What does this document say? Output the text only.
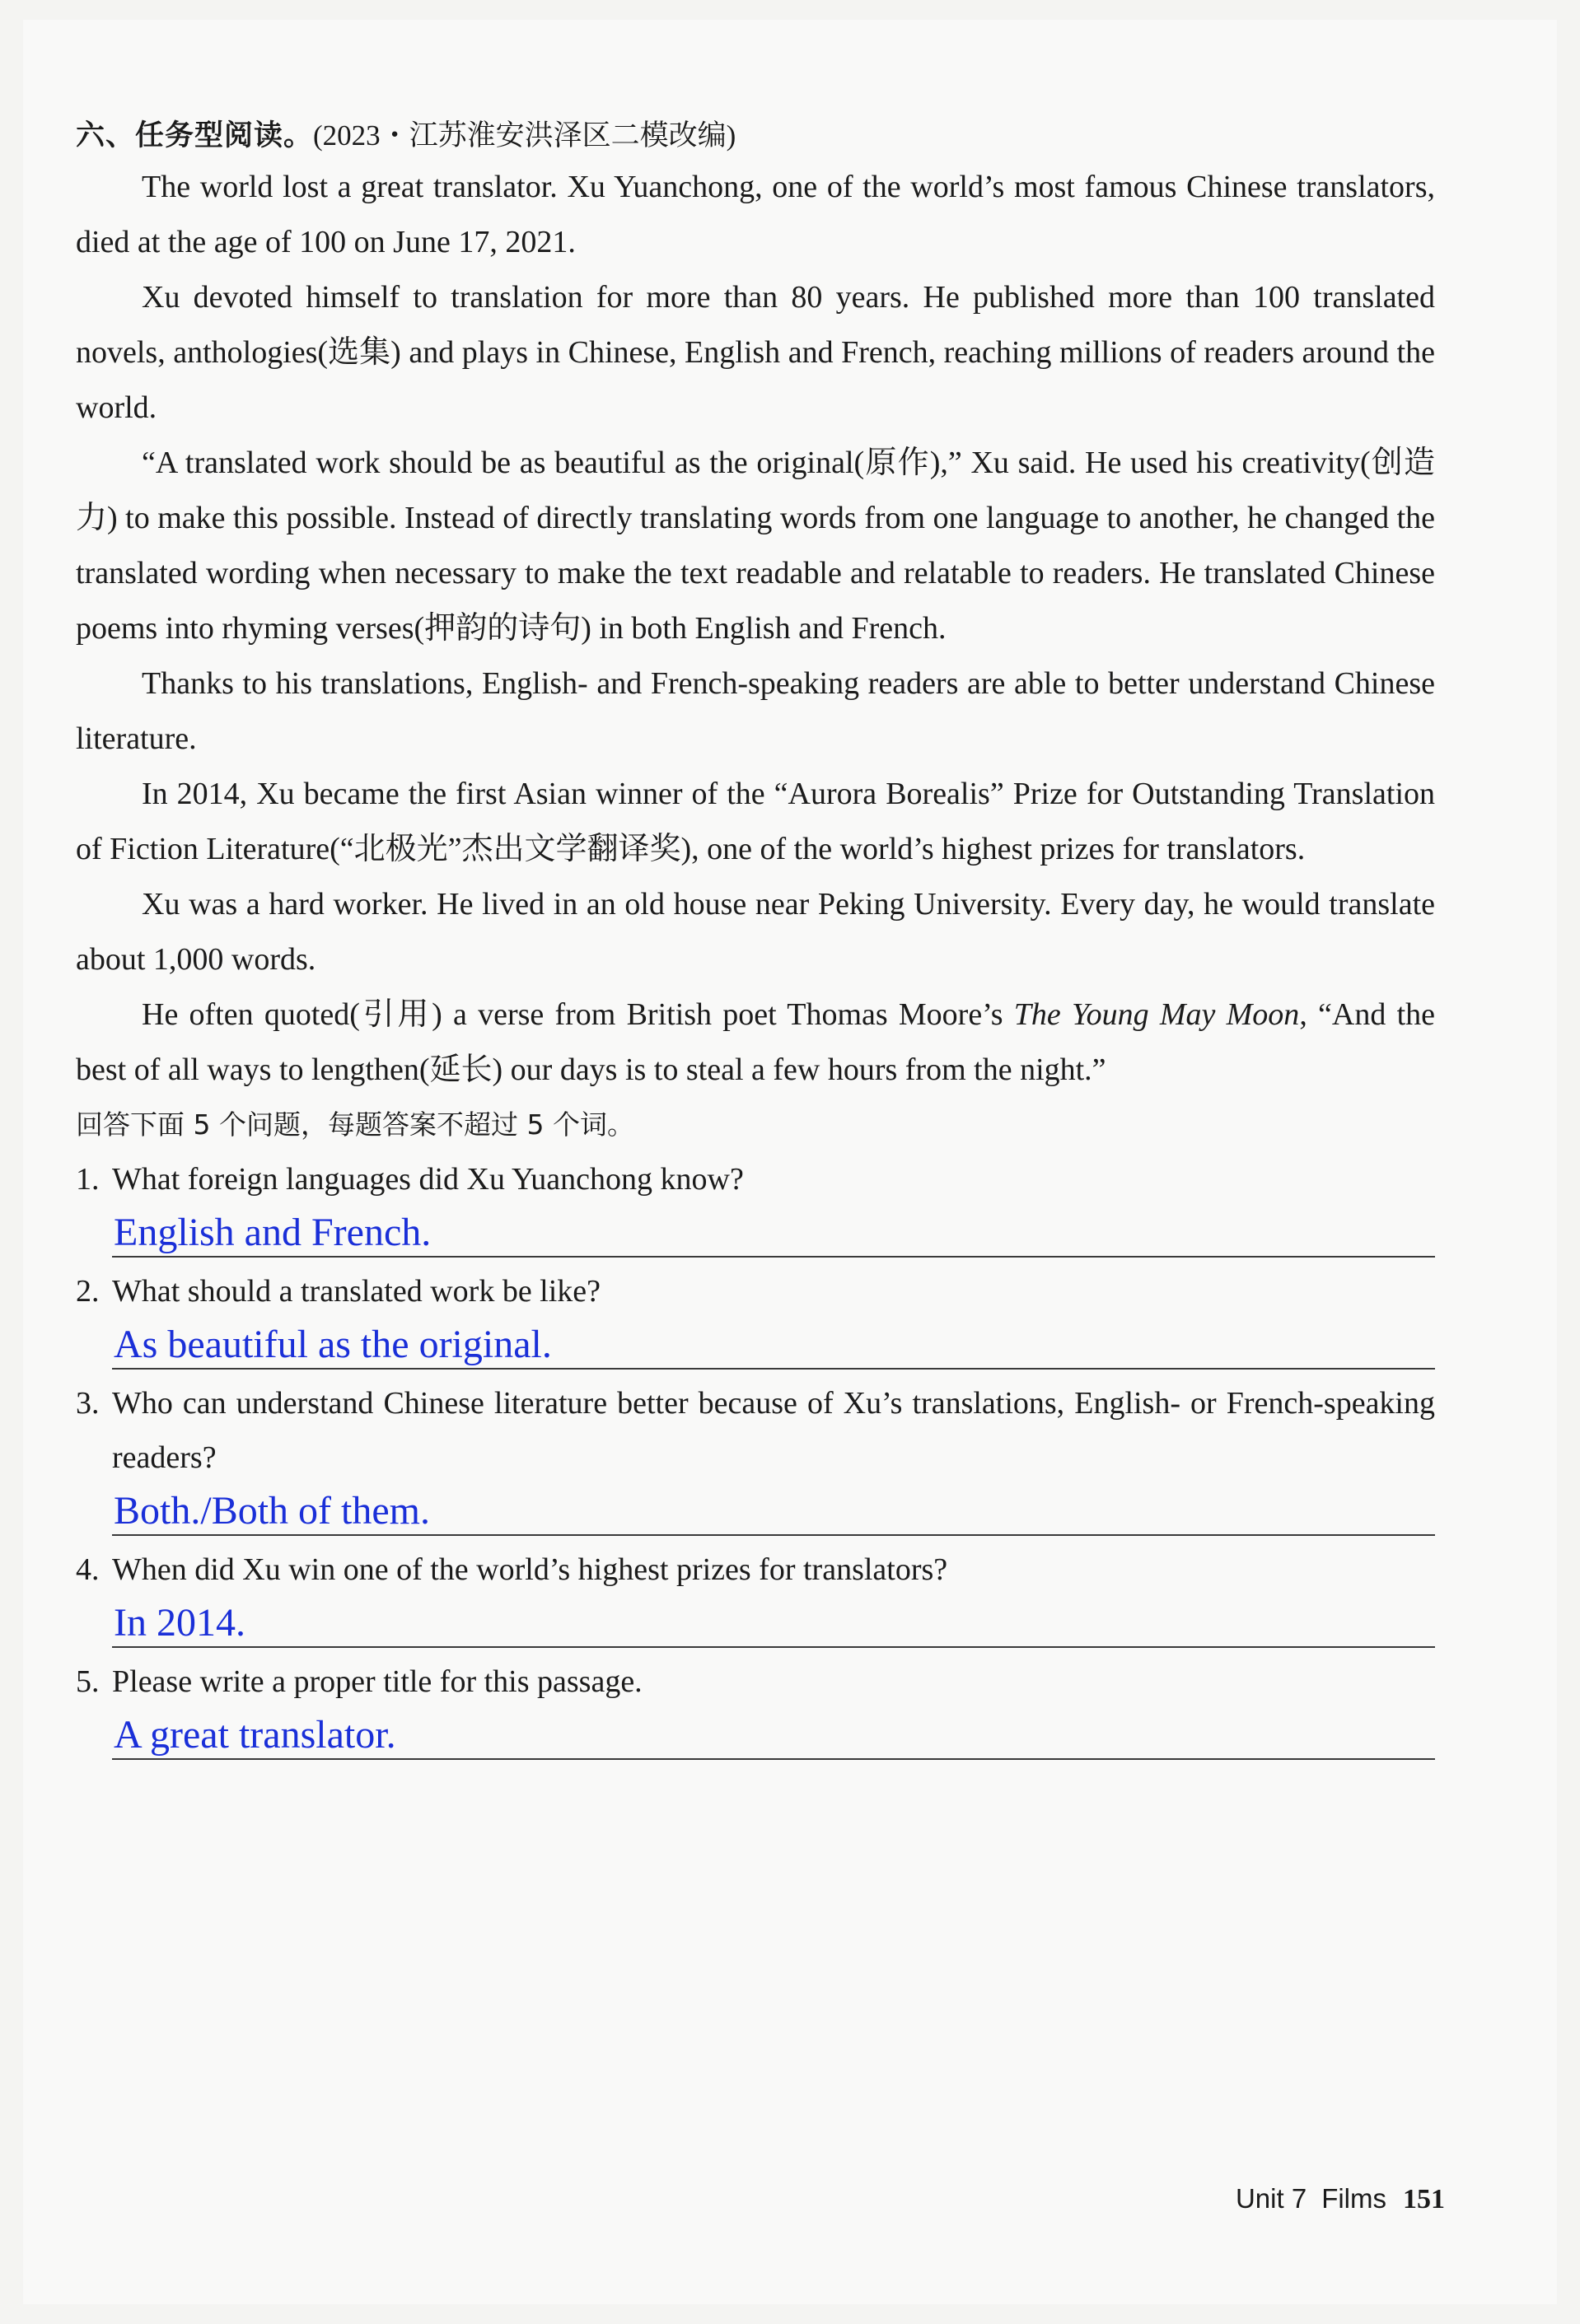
六、任务型阅读。(2023・江苏淮安洪泽区二模改编)

The world lost a great translator. Xu Yuanchong, one of the world’s most famous Chinese translators, died at the age of 100 on June 17, 2021.

Xu devoted himself to translation for more than 80 years. He published more than 100 translated novels, anthologies(选集) and plays in Chinese, English and French, reaching millions of readers around the world.

“A translated work should be as beautiful as the original(原作),” Xu said. He used his creativity(创造力) to make this possible. Instead of directly translating words from one language to another, he changed the translated wording when necessary to make the text readable and relatable to readers. He translated Chinese poems into rhyming verses(押韵的诗句) in both English and French.

Thanks to his translations, English- and French-speaking readers are able to better understand Chinese literature.

In 2014, Xu became the first Asian winner of the “Aurora Borealis” Prize for Outstanding Translation of Fiction Literature(“北极光”杰出文学翻译奖), one of the world’s highest prizes for translators.

Xu was a hard worker. He lived in an old house near Peking University. Every day, he would translate about 1,000 words.

He often quoted(引用) a verse from British poet Thomas Moore’s The Young May Moon, “And the best of all ways to lengthen(延长) our days is to steal a few hours from the night.”

回答下面 5 个问题，每题答案不超过 5 个词。
1. What foreign languages did Xu Yuanchong know?
English and French.
2. What should a translated work be like?
As beautiful as the original.
3. Who can understand Chinese literature better because of Xu’s translations, English- or French-speaking readers?
Both./Both of them.
4. When did Xu win one of the world’s highest prizes for translators?
In 2014.
5. Please write a proper title for this passage.
A great translator.
Unit 7 Films 151
